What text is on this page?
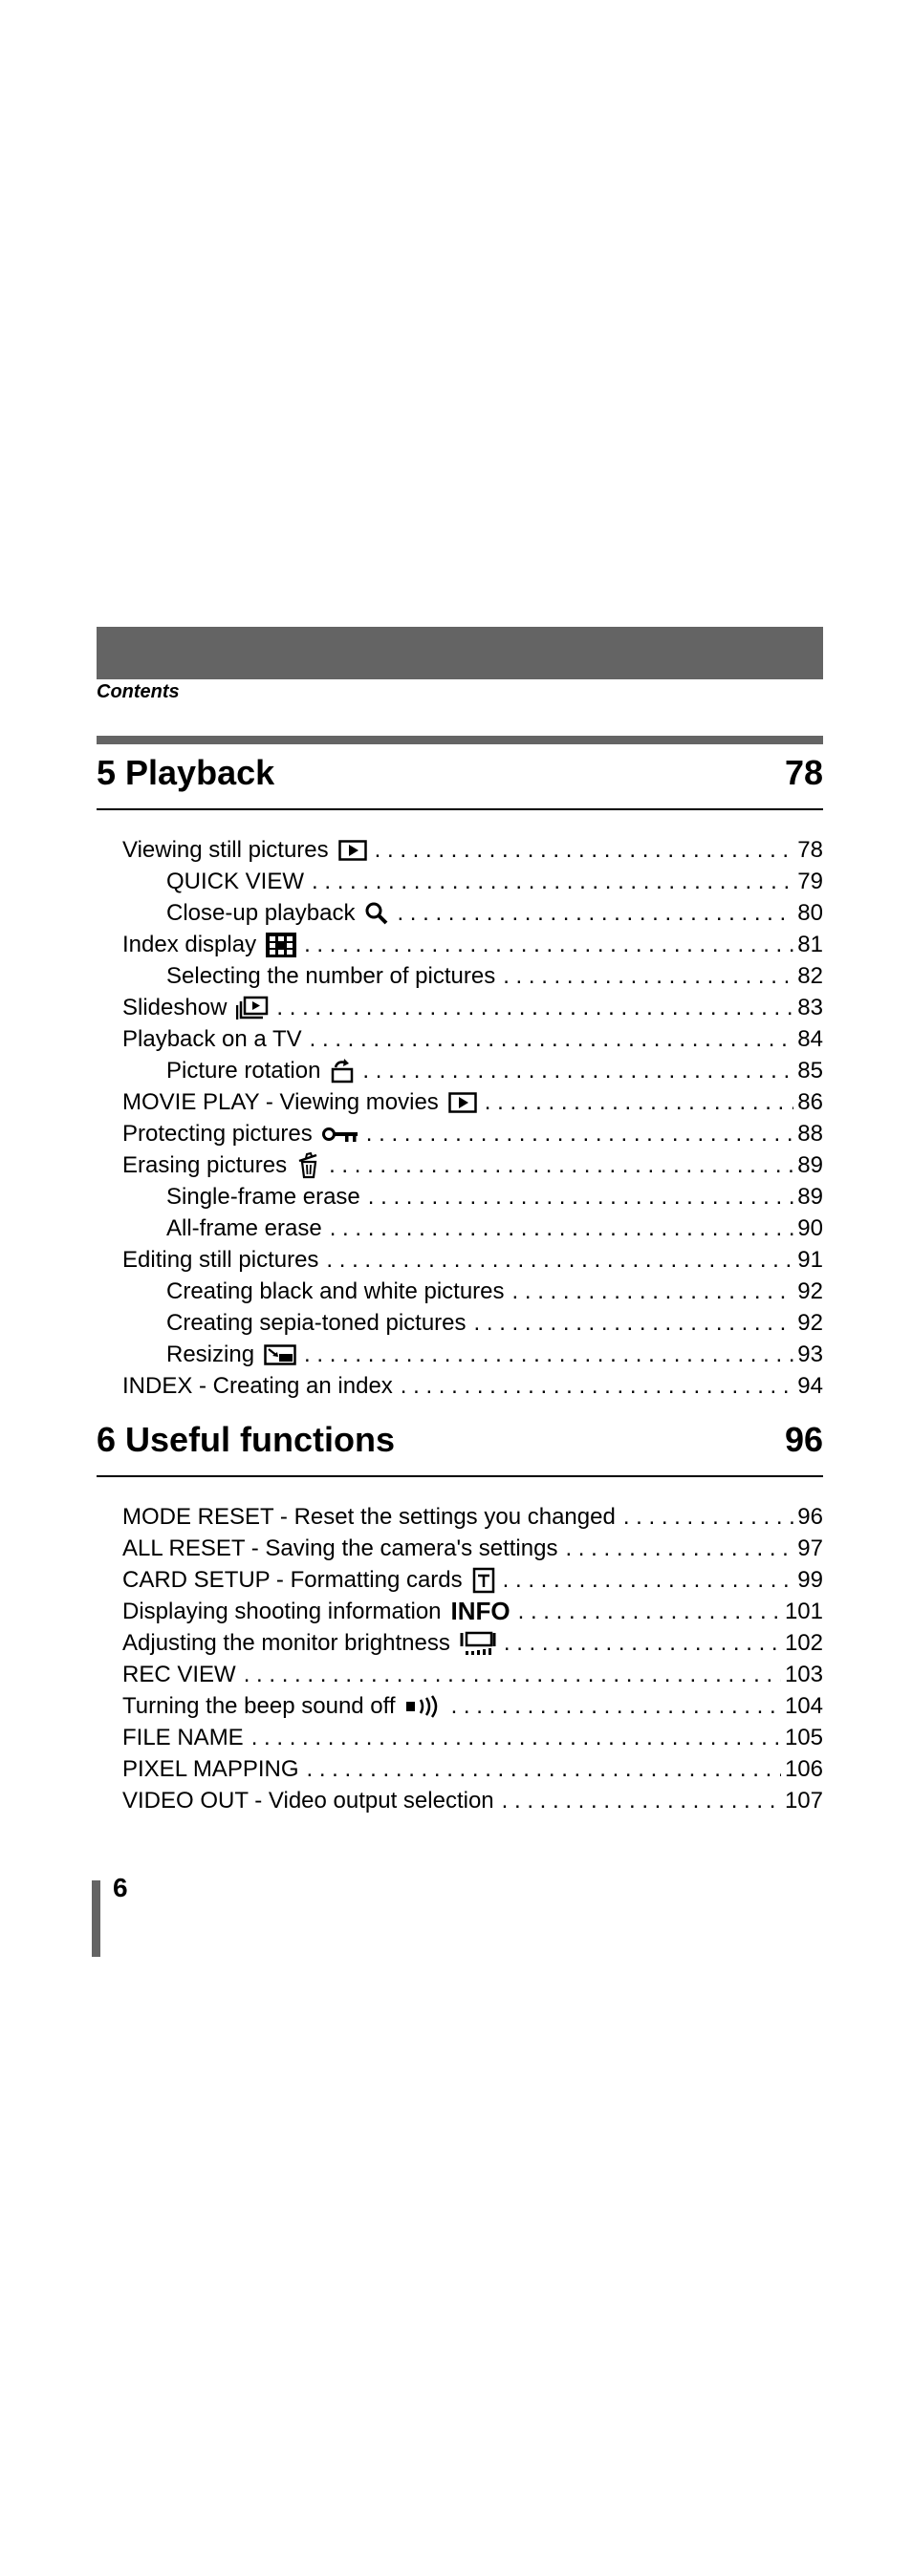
Contents
5 Playback	78
Viewing still pictures . . .	78
QUICK VIEW . . .	79
Close-up playback . . .	80
Index display . . .	81
Selecting the number of pictures . . .	82
Slideshow . . .	83
Playback on a TV . . .	84
Picture rotation . . .	85
MOVIE PLAY - Viewing movies . . .	86
Protecting pictures . . .	88
Erasing pictures . . .	89
Single-frame erase . . .	89
All-frame erase . . .	90
Editing still pictures . . .	91
Creating black and white pictures . . .	92
Creating sepia-toned pictures . . .	92
Resizing . . .	93
INDEX - Creating an index . . .	94
6 Useful functions	96
MODE RESET - Reset the settings you changed . . .	96
ALL RESET - Saving the camera's settings . . .	97
CARD SETUP - Formatting cards . . .	99
Displaying shooting information INFO . . .	101
Adjusting the monitor brightness . . .	102
REC VIEW . . .	103
Turning the beep sound off . . .	104
FILE NAME . . .	105
PIXEL MAPPING . . .	106
VIDEO OUT - Video output selection . . .	107
6
